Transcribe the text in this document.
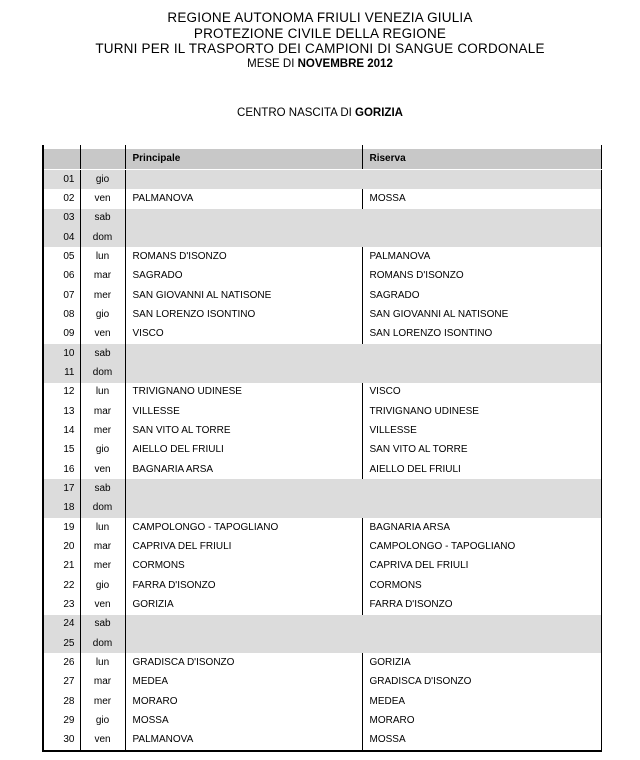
REGIONE AUTONOMA FRIULI VENEZIA GIULIA
PROTEZIONE CIVILE DELLA REGIONE
TURNI PER IL TRASPORTO DEI CAMPIONI DI SANGUE CORDONALE
MESE DI NOVEMBRE 2012
CENTRO NASCITA DI GORIZIA

		Principale	Riserva
01	gio		
02	ven	PALMANOVA	MOSSA
03	sab		
04	dom		
05	lun	ROMANS D'ISONZO	PALMANOVA
06	mar	SAGRADO	ROMANS D'ISONZO
07	mer	SAN GIOVANNI AL NATISONE	SAGRADO
08	gio	SAN LORENZO ISONTINO	SAN GIOVANNI AL NATISONE
09	ven	VISCO	SAN LORENZO ISONTINO
10	sab		
11	dom		
12	lun	TRIVIGNANO UDINESE	VISCO
13	mar	VILLESSE	TRIVIGNANO UDINESE
14	mer	SAN VITO AL TORRE	VILLESSE
15	gio	AIELLO DEL FRIULI	SAN VITO AL TORRE
16	ven	BAGNARIA ARSA	AIELLO DEL FRIULI
17	sab		
18	dom		
19	lun	CAMPOLONGO - TAPOGLIANO	BAGNARIA ARSA
20	mar	CAPRIVA DEL FRIULI	CAMPOLONGO - TAPOGLIANO
21	mer	CORMONS	CAPRIVA DEL FRIULI
22	gio	FARRA D'ISONZO	CORMONS
23	ven	GORIZIA	FARRA D'ISONZO
24	sab		
25	dom		
26	lun	GRADISCA D'ISONZO	GORIZIA
27	mar	MEDEA	GRADISCA D'ISONZO
28	mer	MORARO	MEDEA
29	gio	MOSSA	MORARO
30	ven	PALMANOVA	MOSSA
